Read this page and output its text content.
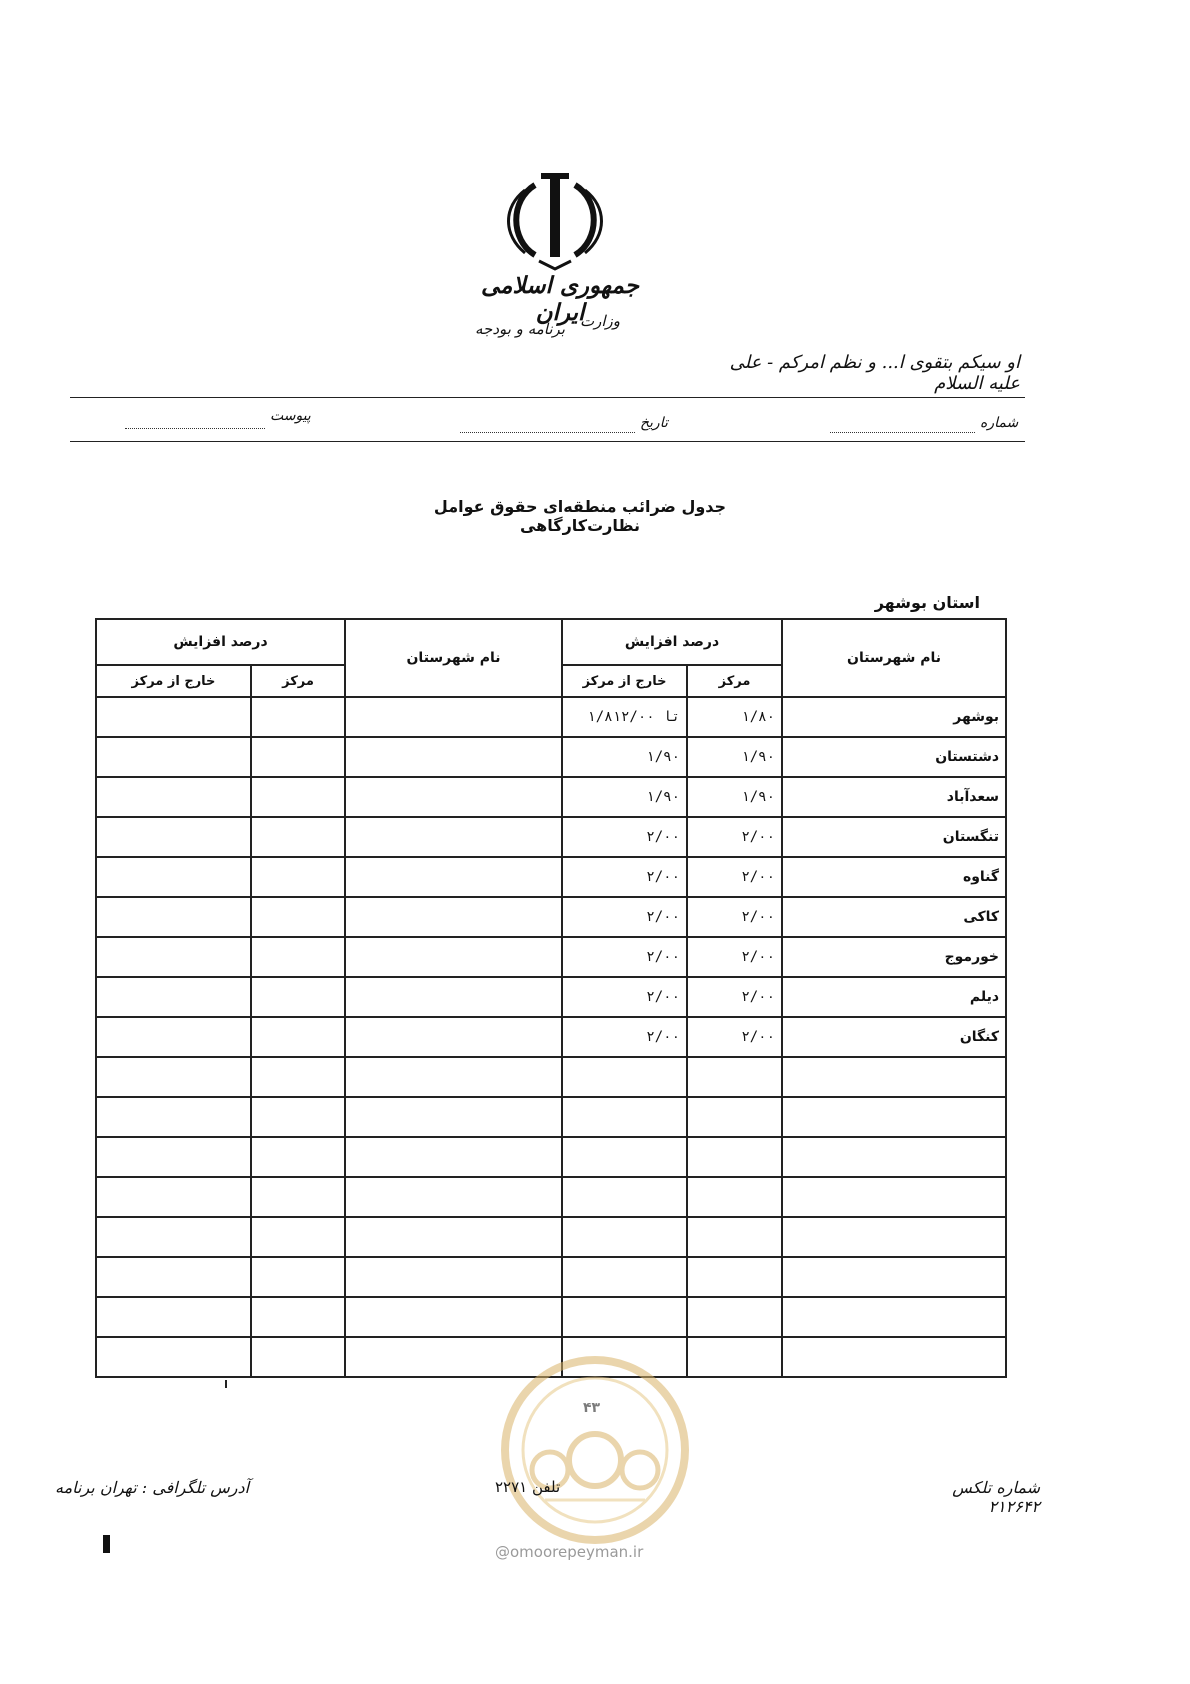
جمهوری اسلامی ایران
وزارت
برنامه و بودجه
او سیکم بتقوی ا... و نظم امرکم - علی علیه السلام
شماره
تاریخ
پیوست
جدول ضرائب منطقه‌ای حقوق عوامل نظارت‌کارگاهی
استان بوشهر
درصد افزایش		نام شهرستان	درصد افزایش		نام شهرستان
خارج از مرکز	مرکز		خارج از مرکز	مرکز	
			۱/۸۱تا ۲/۰۰	۱/۸۰	بوشهر
			۱/۹۰	۱/۹۰	دشتستان
			۱/۹۰	۱/۹۰	سعدآباد
			۲/۰۰	۲/۰۰	تنگستان
			۲/۰۰	۲/۰۰	گناوه
			۲/۰۰	۲/۰۰	کاکی
			۲/۰۰	۲/۰۰	خورموج
			۲/۰۰	۲/۰۰	دیلم
			۲/۰۰	۲/۰۰	کنگان

۴۳
آدرس تلگرافی : تهران برنامه	تلفن ۲۲۷۱	شماره تلکس ۲۱۲۶۴۲
@omoorepeyman.ir
